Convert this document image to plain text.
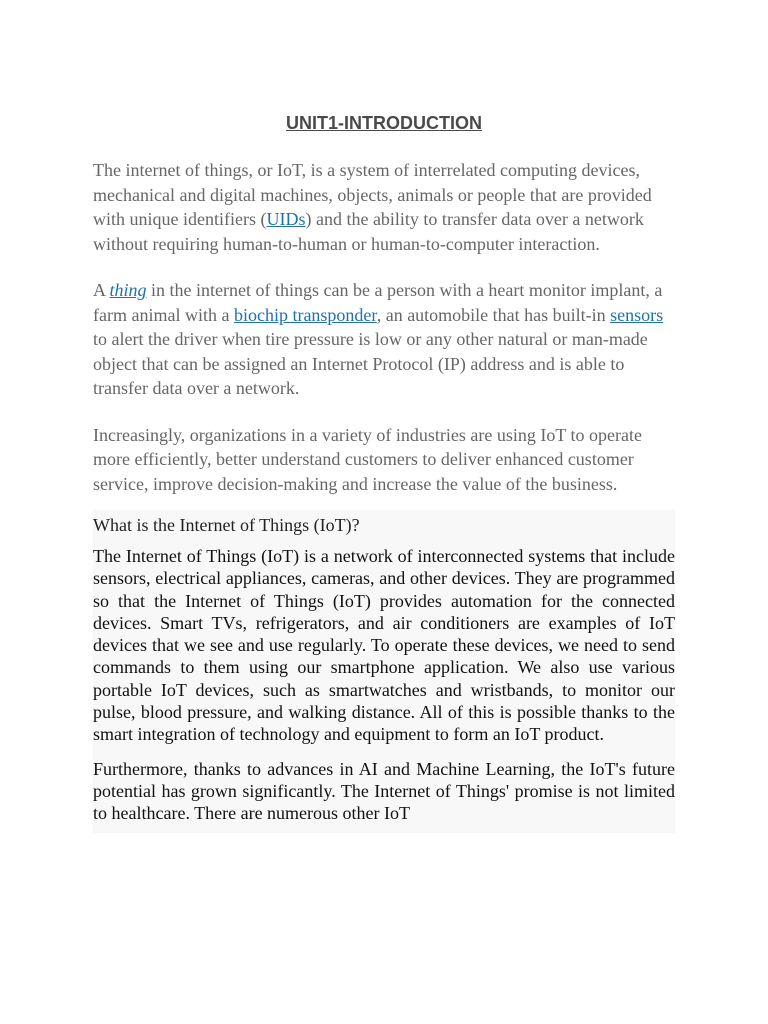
UNIT1-INTRODUCTION

The internet of things, or IoT, is a system of interrelated computing devices, mechanical and digital machines, objects, animals or people that are provided with unique identifiers (UIDs) and the ability to transfer data over a network without requiring human-to-human or human-to-computer interaction.

A thing in the internet of things can be a person with a heart monitor implant, a farm animal with a biochip transponder, an automobile that has built-in sensors to alert the driver when tire pressure is low or any other natural or man-made object that can be assigned an Internet Protocol (IP) address and is able to transfer data over a network.

Increasingly, organizations in a variety of industries are using IoT to operate more efficiently, better understand customers to deliver enhanced customer service, improve decision-making and increase the value of the business.

What is the Internet of Things (IoT)?

The Internet of Things (IoT) is a network of interconnected systems that include sensors, electrical appliances, cameras, and other devices. They are programmed so that the Internet of Things (IoT) provides automation for the connected devices. Smart TVs, refrigerators, and air conditioners are examples of IoT devices that we see and use regularly. To operate these devices, we need to send commands to them using our smartphone application. We also use various portable IoT devices, such as smartwatches and wristbands, to monitor our pulse, blood pressure, and walking distance. All of this is possible thanks to the smart integration of technology and equipment to form an IoT product.

Furthermore, thanks to advances in AI and Machine Learning, the IoT's future potential has grown significantly. The Internet of Things' promise is not limited to healthcare. There are numerous other IoT
